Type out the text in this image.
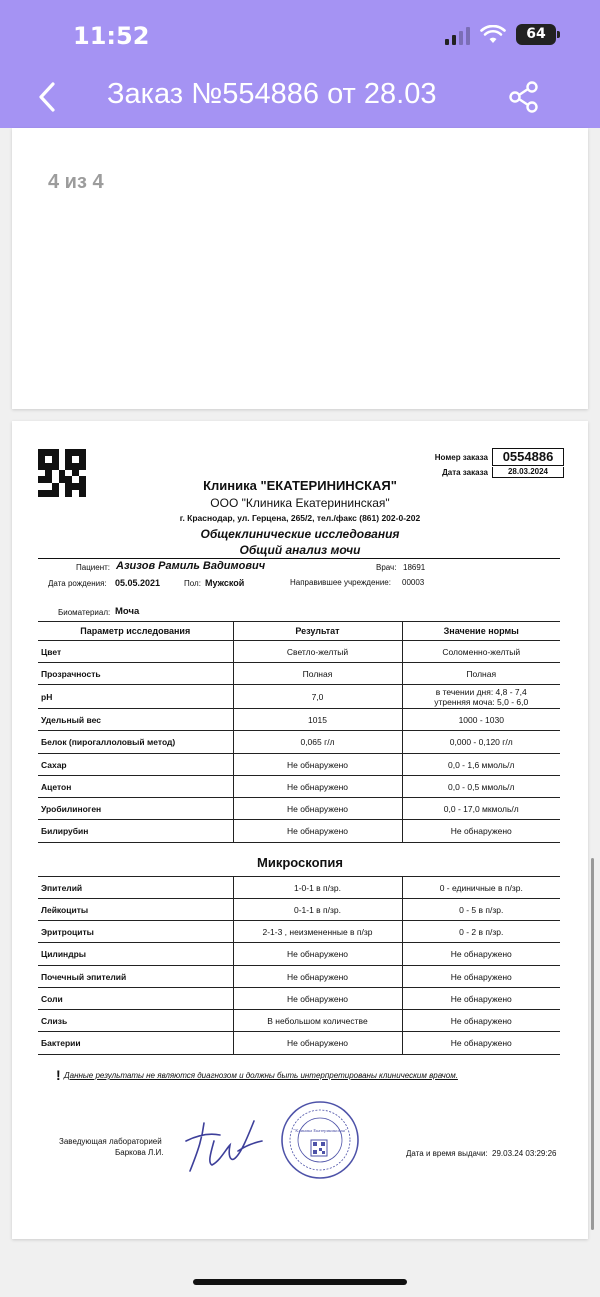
11:52	64
Заказ №554886 от 28.03
4 из 4
Номер заказа	0554886
Дата заказа	28.03.2024
Клиника "ЕКАТЕРИНИНСКАЯ"
ООО "Клиника Екатерининская"
г. Краснодар, ул. Герцена, 265/2, тел./факс (861) 202-0-202
Общеклинические исследования
Общий анализ мочи
Пациент: Азизов Рамиль Вадимович	Врач: 18691
Дата рождения: 05.05.2021	Пол: Мужской	Направившее учреждение: 00003
Биоматериал: Моча
Параметр исследования	Результат	Значение нормы
Цвет	Светло-желтый	Соломенно-желтый
Прозрачность	Полная	Полная
pH	7,0	в течении дня: 4,8 - 7,4
утренняя моча: 5,0 - 6,0

Удельный вес	1015	1000 - 1030
Белок (пирогаллоловый метод)	0,065 г/л	0,000 - 0,120 г/л
Сахар	Не обнаружено	0,0 - 1,6 ммоль/л
Ацетон	Не обнаружено	0,0 - 0,5 ммоль/л
Уробилиноген	Не обнаружено	0,0 - 17,0 мкмоль/л
Билирубин	Не обнаружено	Не обнаружено
Микроскопия
Эпителий	1-0-1 в п/зр.	0 - единичные в п/зр.
Лейкоциты	0-1-1 в п/зр.	0 - 5 в п/зр.
Эритроциты	2-1-3 , неизмененные в п/зр	0 - 2 в п/зр.
Цилиндры	Не обнаружено	Не обнаружено
Почечный эпителий	Не обнаружено	Не обнаружено
Соли	Не обнаружено	Не обнаружено
Слизь	В небольшом количестве	Не обнаружено
Бактерии	Не обнаружено	Не обнаружено
! Данные результаты не являются диагнозом и должны быть интерпретированы клиническим врачом.
Заведующая лабораторией
Баркова Л.И.
"Клиника Екатерининская"
Дата и время выдачи: 29.03.24 03:29:26
